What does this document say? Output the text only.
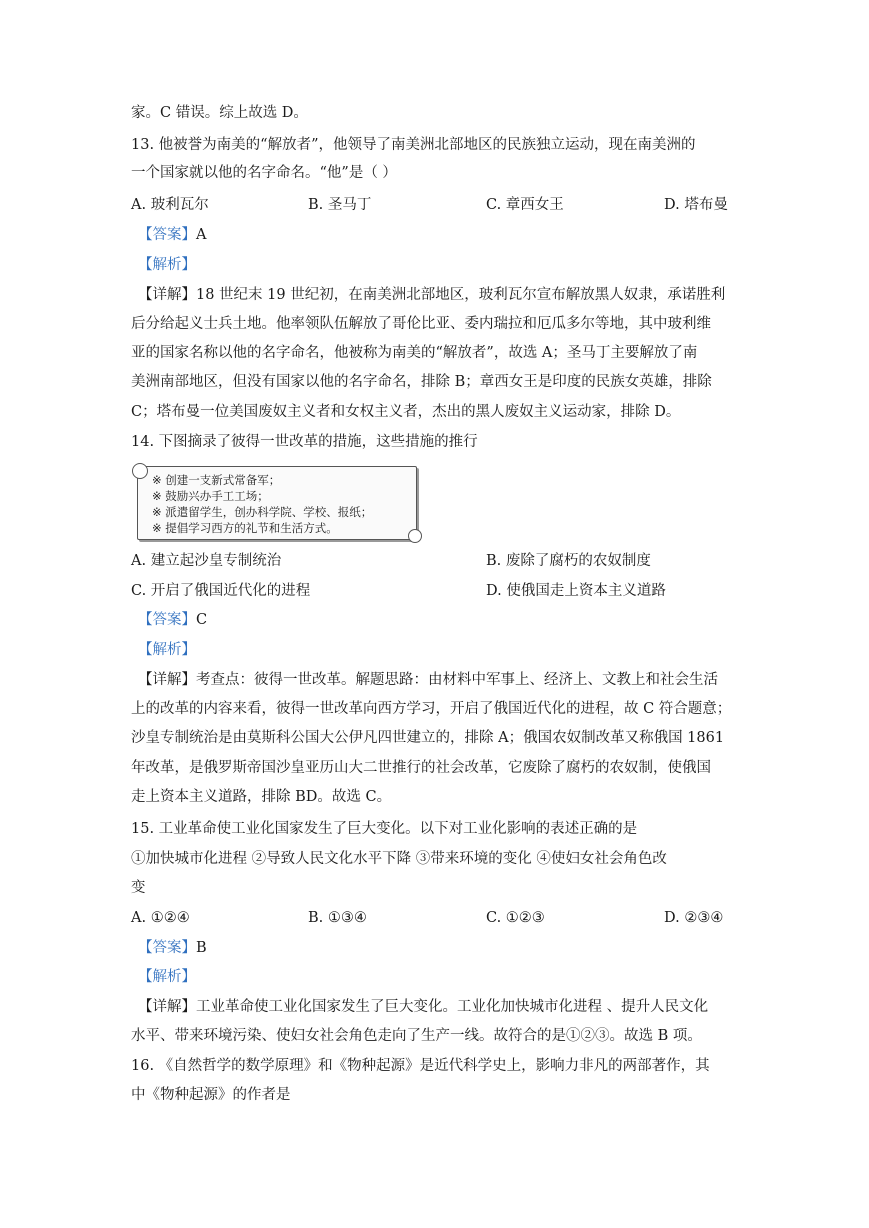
家。C 错误。综上故选 D。
13. 他被誉为南美的“解放者”，他领导了南美洲北部地区的民族独立运动，现在南美洲的
一个国家就以他的名字命名。“他”是（ ）
A. 玻利瓦尔	B. 圣马丁	C. 章西女王	D. 塔布曼
【答案】A
【解析】
【详解】18 世纪末 19 世纪初，在南美洲北部地区，玻利瓦尔宣布解放黑人奴隶，承诺胜利
后分给起义士兵土地。他率领队伍解放了哥伦比亚、委内瑞拉和厄瓜多尔等地，其中玻利维
亚的国家名称以他的名字命名，他被称为南美的“解放者”，故选 A；圣马丁主要解放了南
美洲南部地区，但没有国家以他的名字命名，排除 B；章西女王是印度的民族女英雄，排除
C；塔布曼一位美国废奴主义者和女权主义者，杰出的黑人废奴主义运动家，排除 D。
14. 下图摘录了彼得一世改革的措施，这些措施的推行
※ 创建一支新式常备军；
※ 鼓励兴办手工工场；
※ 派遣留学生，创办科学院、学校、报纸；
※ 提倡学习西方的礼节和生活方式。
A. 建立起沙皇专制统治	B. 废除了腐朽的农奴制度
C. 开启了俄国近代化的进程	D. 使俄国走上资本主义道路
【答案】C
【解析】
【详解】考查点：彼得一世改革。解题思路：由材料中军事上、经济上、文教上和社会生活
上的改革的内容来看，彼得一世改革向西方学习，开启了俄国近代化的进程，故 C 符合题意；
沙皇专制统治是由莫斯科公国大公伊凡四世建立的，排除 A；俄国农奴制改革又称俄国 1861
年改革，是俄罗斯帝国沙皇亚历山大二世推行的社会改革，它废除了腐朽的农奴制，使俄国
走上资本主义道路，排除 BD。故选 C。
15. 工业革命使工业化国家发生了巨大变化。以下对工业化影响的表述正确的是
①加快城市化进程 ②导致人民文化水平下降 ③带来环境的变化 ④使妇女社会角色改
变
A. ①②④	B. ①③④	C. ①②③	D. ②③④
【答案】B
【解析】
【详解】工业革命使工业化国家发生了巨大变化。工业化加快城市化进程 、提升人民文化
水平、带来环境污染、使妇女社会角色走向了生产一线。故符合的是①②③。故选 B 项。
16. 《自然哲学的数学原理》和《物种起源》是近代科学史上，影响力非凡的两部著作，其
中《物种起源》的作者是
